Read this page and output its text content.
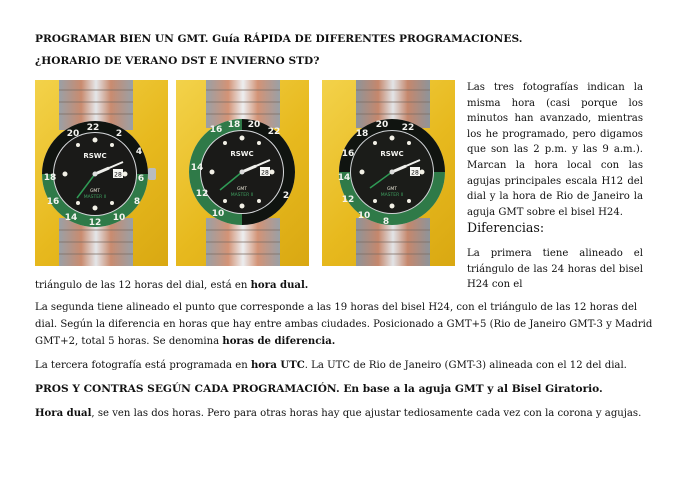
PROGRAMAR BIEN UN GMT. Guía RÁPIDA DE DIFERENTES PROGRAMACIONES.
¿HORARIO DE VERANO DST E INVIERNO STD?
20
22
2
4
6
8
10
12
14
16
18
RSWC
GMT
MASTER II
28
16 18 20
22
14
12
10
2
RSWC
GMT
MASTER II
28
20 22
18
16
14
12
10
8
RSWC
GMT
MASTER II
28
Las tres fotografías indican la misma hora (casi porque los minutos han avanzado, mientras los he programado, pero digamos que son las 2 p.m. y las 9 a.m.). Marcan la hora local con las agujas principales escala H12 del dial y la hora de Rio de Janeiro la aguja GMT sobre el bisel H24.
Diferencias:
La primera tiene alineado el triángulo de las 24 horas del bisel H24 con el
triángulo de las 12 horas del dial, está en hora dual.
La segunda tiene alineado el punto que corresponde a las 19 horas del bisel H24, con el triángulo de las 12 horas del dial. Según la diferencia en horas que hay entre ambas ciudades. Posicionado a GMT+5 (Rio de Janeiro GMT-3 y Madrid GMT+2, total 5 horas. Se denomina horas de diferencia.
La tercera fotografía está programada en hora UTC. La UTC de Rio de Janeiro (GMT-3) alineada con el 12 del dial.
PROS Y CONTRAS SEGÚN CADA PROGRAMACIÓN. En base a la aguja GMT y al Bisel Giratorio.
Hora dual, se ven las dos horas. Pero para otras horas hay que ajustar tediosamente cada vez con la corona y agujas.
